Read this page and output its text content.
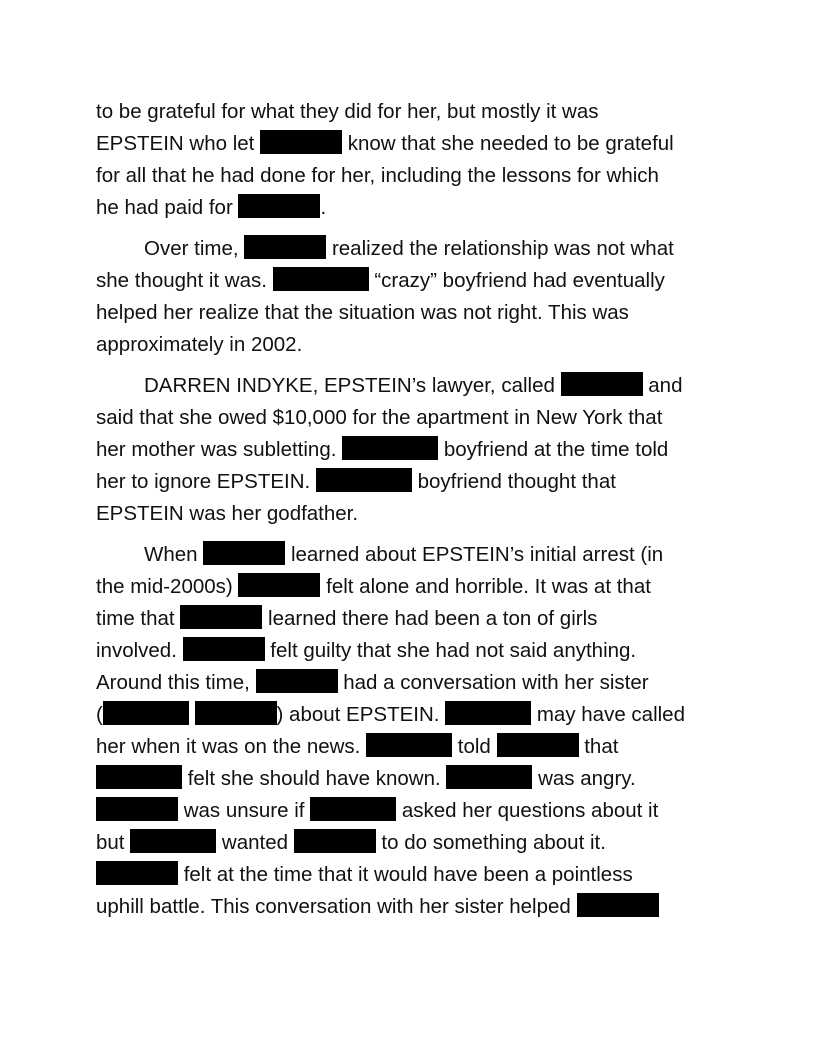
to be grateful for what they did for her, but mostly it was
EPSTEIN who let	know that she needed to be grateful
for all that he had done for her, including the lessons for which
he had paid for	.
Over time,	realized the relationship was not what
she thought it was.	“crazy” boyfriend had eventually
helped her realize that the situation was not right. This was
approximately in 2002.
DARREN INDYKE, EPSTEIN’s lawyer, called	and
said that she owed $10,000 for the apartment in New York that
her mother was subletting.	boyfriend at the time told
her to ignore EPSTEIN.	boyfriend thought that
EPSTEIN was her godfather.
When	learned about EPSTEIN’s initial arrest (in
the mid-2000s)	felt alone and horrible. It was at that
time that	learned there had been a ton of girls
involved.	felt guilty that she had not said anything.
Around this time,	had a conversation with her sister
(	) about EPSTEIN.	may have called
her when it was on the news.	told	that
felt she should have known.	was angry.
was unsure if	asked her questions about it
but	wanted	to do something about it.
felt at the time that it would have been a pointless
uphill battle. This conversation with her sister helped
